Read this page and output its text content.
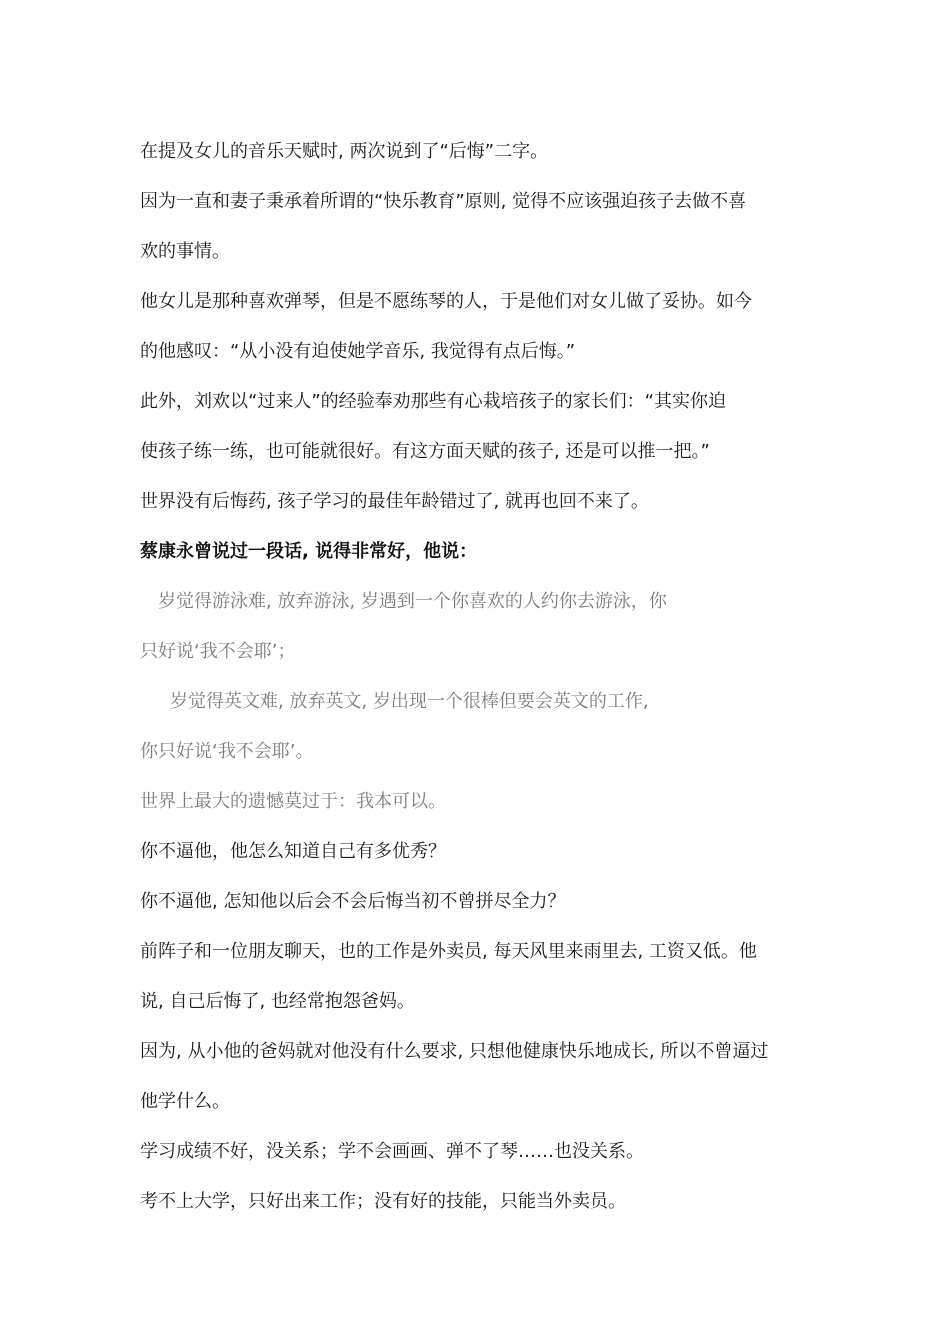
在提及女儿的音乐天赋时, 两次说到了“后悔”二字。
因为一直和妻子秉承着所谓的“快乐教育”原则, 觉得不应该强迫孩子去做不喜
欢的事情。
他女儿是那种喜欢弹琴，但是不愿练琴的人，于是他们对女儿做了妥协。如今
的他感叹：“从小没有迫使她学音乐, 我觉得有点后悔。”
此外，刘欢以“过来人”的经验奉劝那些有心栽培孩子的家长们：“其实你迫
使孩子练一练，也可能就很好。有这方面天赋的孩子, 还是可以推一把。”
世界没有后悔药, 孩子学习的最佳年龄错过了, 就再也回不来了。
蔡康永曾说过一段话, 说得非常好，他说：
岁觉得游泳难, 放弃游泳, 岁遇到一个你喜欢的人约你去游泳，你
只好说‘我不会耶’；
岁觉得英文难, 放弃英文, 岁出现一个很棒但要会英文的工作,
你只好说‘我不会耶’。
世界上最大的遗憾莫过于：我本可以。
你不逼他，他怎么知道自己有多优秀？
你不逼他, 怎知他以后会不会后悔当初不曾拼尽全力？
前阵子和一位朋友聊天，也的工作是外卖员, 每天风里来雨里去, 工资又低。他
说, 自己后悔了, 也经常抱怨爸妈。
因为, 从小他的爸妈就对他没有什么要求, 只想他健康快乐地成长, 所以不曾逼过
他学什么。
学习成绩不好，没关系；学不会画画、弹不了琴……也没关系。
考不上大学，只好出来工作；没有好的技能，只能当外卖员。
